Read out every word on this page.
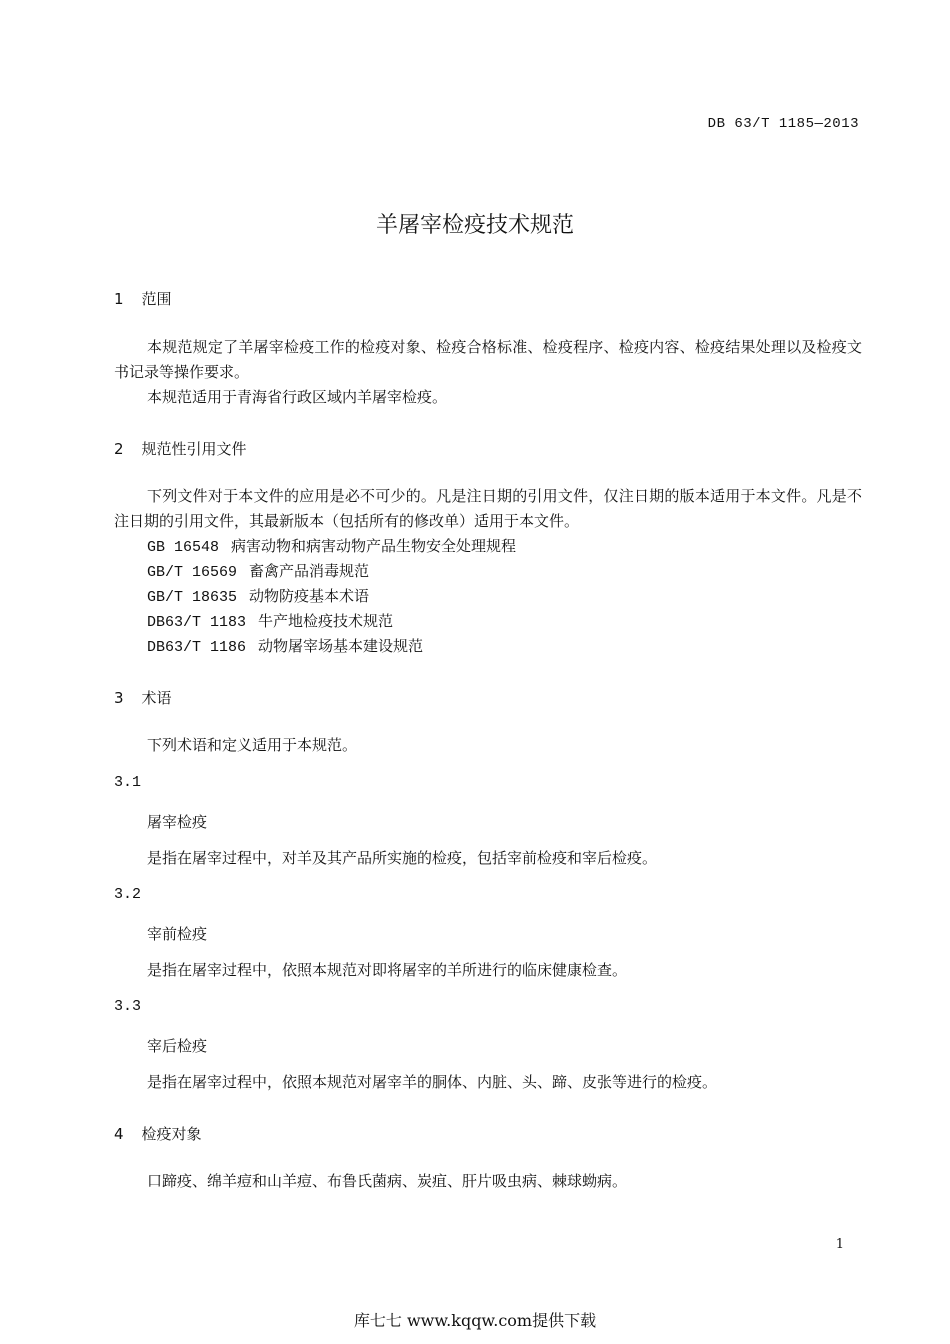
DB 63/T 1185—2013
羊屠宰检疫技术规范
1 范围
本规范规定了羊屠宰检疫工作的检疫对象、检疫合格标准、检疫程序、检疫内容、检疫结果处理以及检疫文书记录等操作要求。
本规范适用于青海省行政区域内羊屠宰检疫。
2 规范性引用文件
下列文件对于本文件的应用是必不可少的。凡是注日期的引用文件，仅注日期的版本适用于本文件。凡是不注日期的引用文件，其最新版本（包括所有的修改单）适用于本文件。
GB 16548 病害动物和病害动物产品生物安全处理规程
GB/T 16569 畜禽产品消毒规范
GB/T 18635 动物防疫基本术语
DB63/T 1183 牛产地检疫技术规范
DB63/T 1186 动物屠宰场基本建设规范
3 术语
下列术语和定义适用于本规范。
3.1
屠宰检疫
是指在屠宰过程中，对羊及其产品所实施的检疫，包括宰前检疫和宰后检疫。
3.2
宰前检疫
是指在屠宰过程中，依照本规范对即将屠宰的羊所进行的临床健康检查。
3.3
宰后检疫
是指在屠宰过程中，依照本规范对屠宰羊的胴体、内脏、头、蹄、皮张等进行的检疫。
4 检疫对象
口蹄疫、绵羊痘和山羊痘、布鲁氏菌病、炭疽、肝片吸虫病、棘球蚴病。
1
库七七 www.kqqw.com提供下载
